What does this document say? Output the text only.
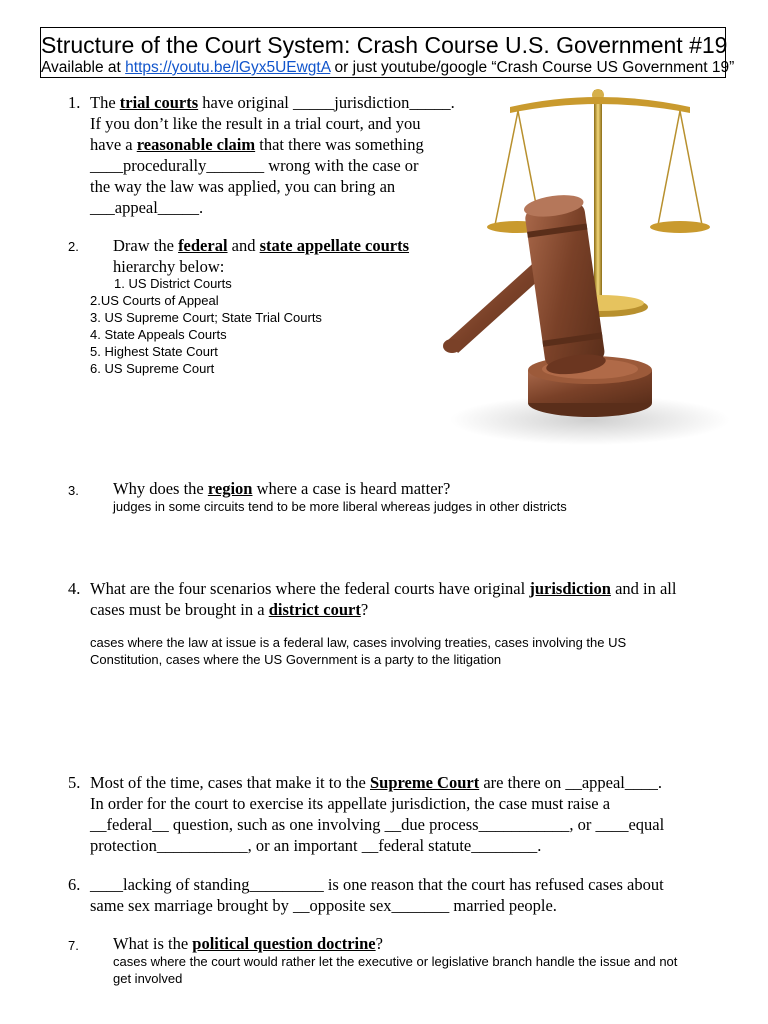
Structure of the Court System: Crash Course U.S. Government #19
Available at https://youtu.be/lGyx5UEwgtA or just youtube/google “Crash Course US Government 19”
1. The trial courts have original _____jurisdiction_____.
If you don’t like the result in a trial court, and you
have a reasonable claim that there was something
____procedurally_______ wrong with the case or
the way the law was applied, you can bring an
___appeal_____.
2. Draw the federal and state appellate courts
hierarchy below:
1. US District Courts
2.US Courts of Appeal
3. US Supreme Court; State Trial Courts
4. State Appeals Courts
5. Highest State Court
6. US Supreme Court
3. Why does the region where a case is heard matter?
judges in some circuits tend to be more liberal whereas judges in other districts
4. What are the four scenarios where the federal courts have original jurisdiction and in all
cases must be brought in a district court?
cases where the law at issue is a federal law, cases involving treaties, cases involving the US
Constitution, cases where the US Government is a party to the litigation
5. Most of the time, cases that make it to the Supreme Court are there on __appeal____.
In order for the court to exercise its appellate jurisdiction, the case must raise a
__federal__ question, such as one involving __due process___________, or ____equal
protection___________, or an important __federal statute________.
6. ____lacking of standing_________ is one reason that the court has refused cases about
same sex marriage brought by __opposite sex_______ married people.
7. What is the political question doctrine?
cases where the court would rather let the executive or legislative branch handle the issue and not
get involved
